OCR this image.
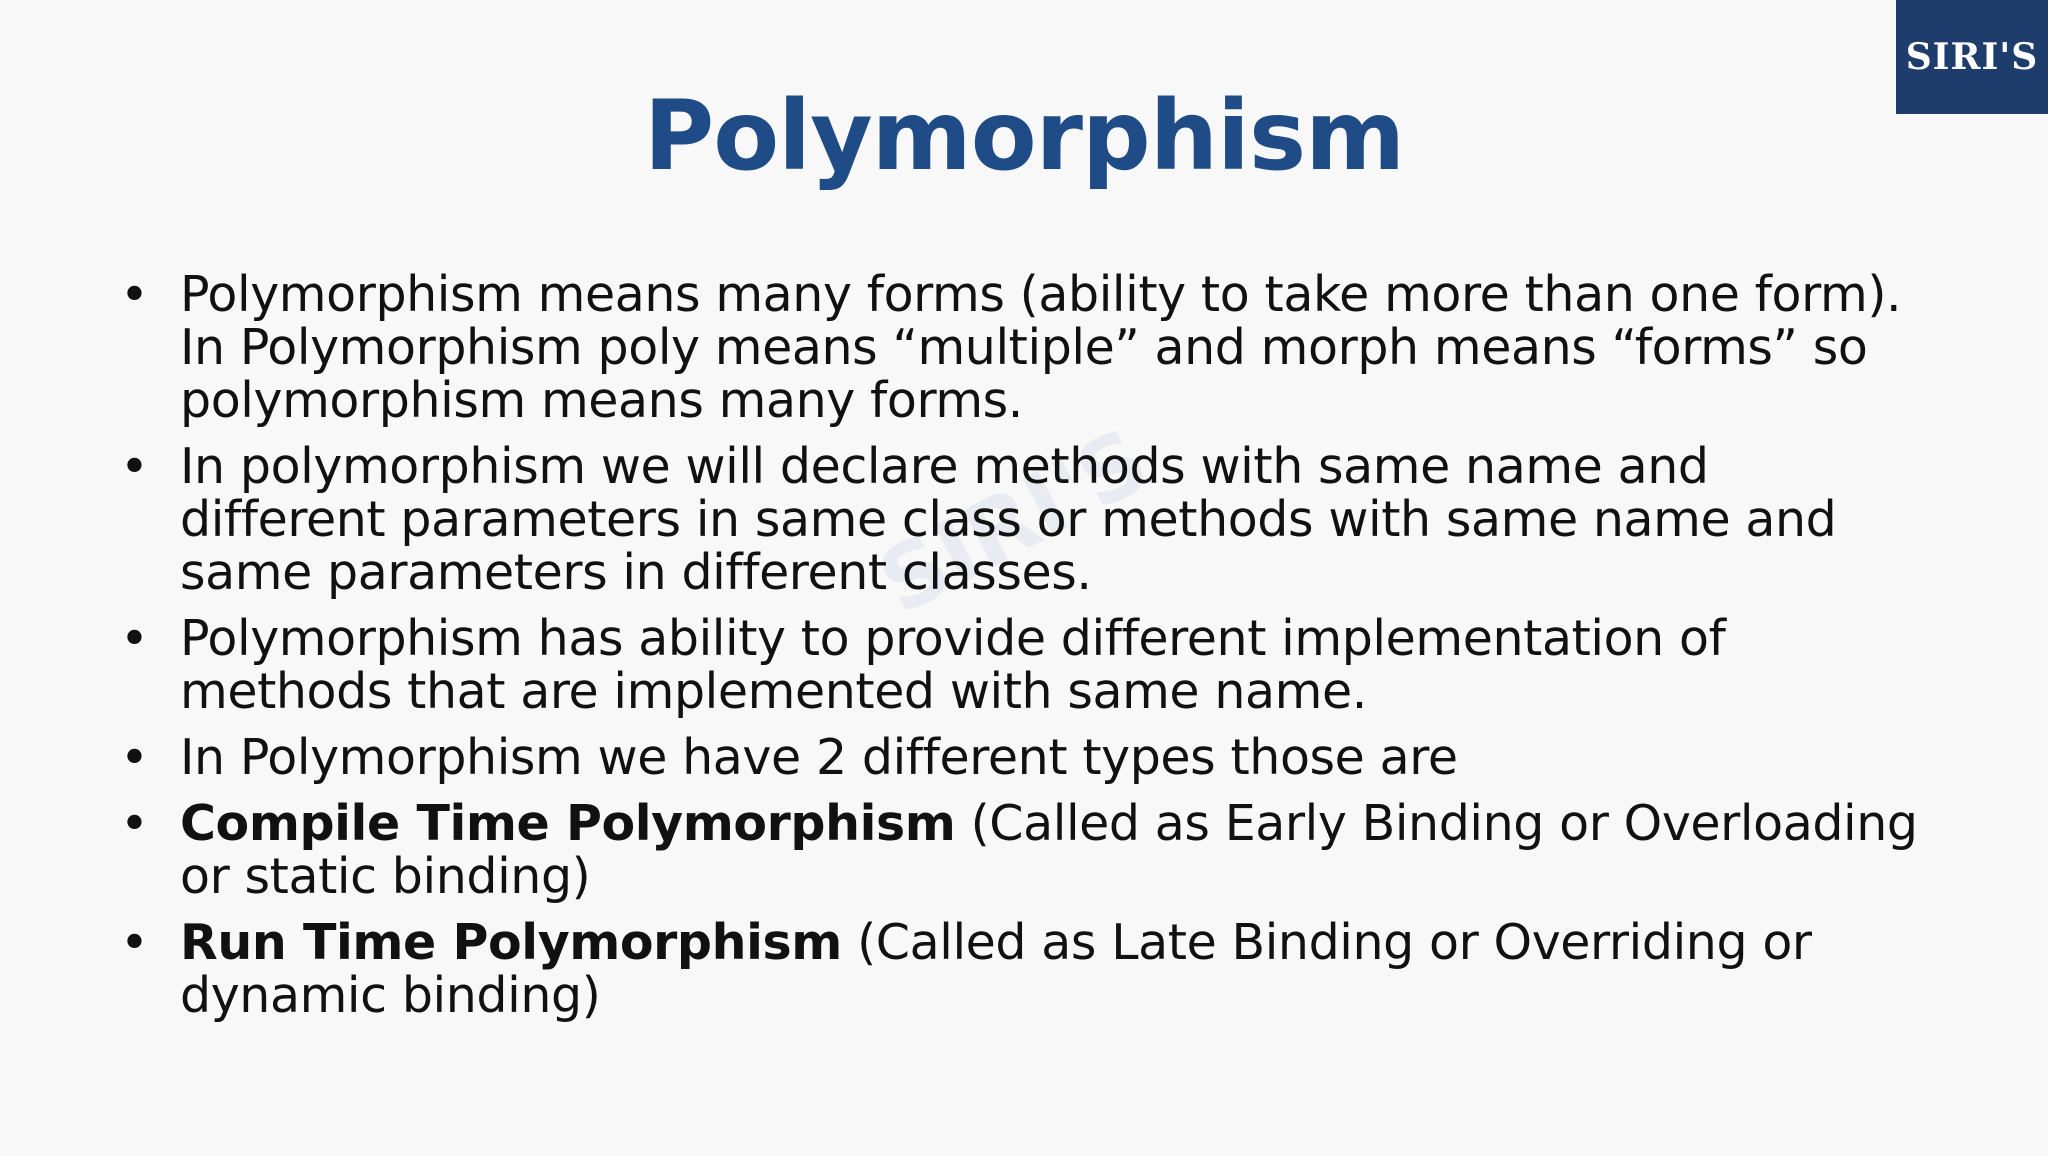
SIRI'S
SIRI'S
Polymorphism
• Polymorphism means many forms (ability to take more than one form). In Polymorphism poly means “multiple” and morph means “forms” so polymorphism means many forms.
• In polymorphism we will declare methods with same name and different parameters in same class or methods with same name and same parameters in different classes.
• Polymorphism has ability to provide different implementation of methods that are implemented with same name.
• In Polymorphism we have 2 different types those are
• Compile Time Polymorphism (Called as Early Binding or Overloading or static binding)
• Run Time Polymorphism (Called as Late Binding or Overriding or dynamic binding)
